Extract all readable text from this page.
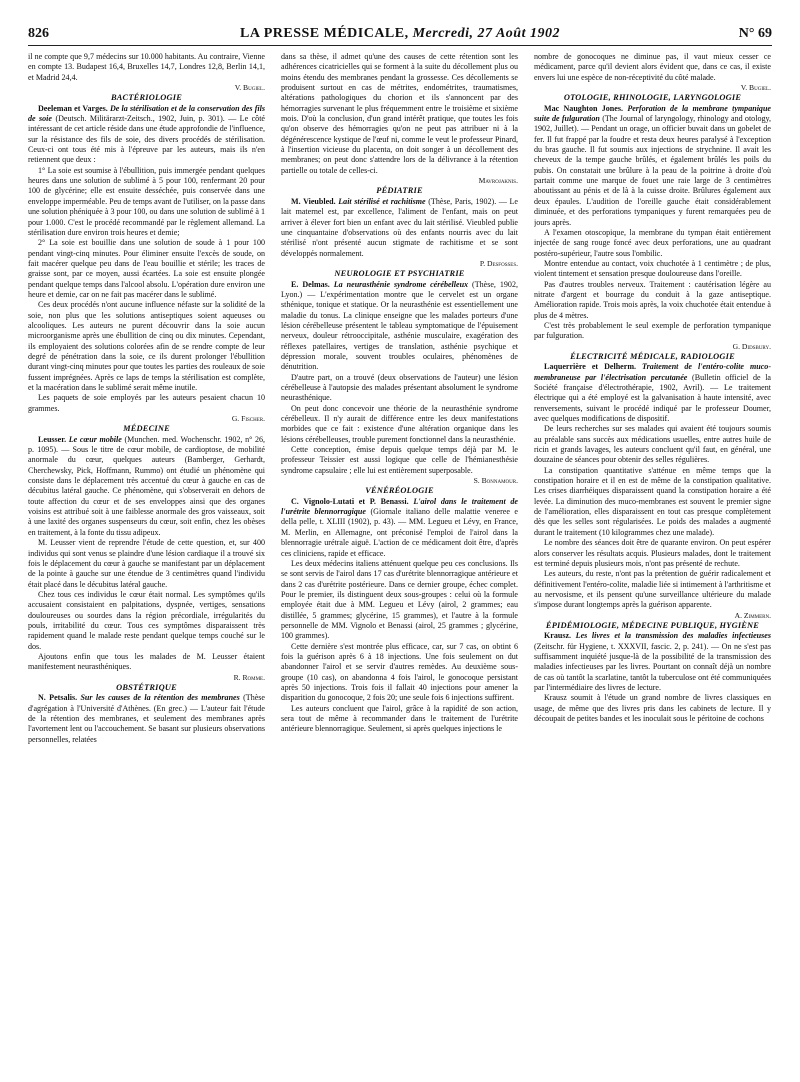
826	LA PRESSE MÉDICALE, Mercredi, 27 Août 1902	N° 69

il ne compte que 9,7 médecins sur 10.000 habitants. Au contraire, Vienne en compte 13. Budapest 16,4, Bruxelles 14,7, Londres 12,8, Berlin 14,1, et Madrid 24,4.

V. Bugiel.

BACTÉRIOLOGIE

Deeleman et Varges. De la stérilisation et de la conservation des fils de soie (Deutsch. Militärarzt-Zeitsch., 1902, Juin, p. 301). — Le côté intéressant de cet article réside dans une étude approfondie de l'influence, sur la résistance des fils de soie, des divers procédés de stérilisation. Ceux-ci ont tous été mis à l'épreuve par les auteurs, mais ils n'en retiennent que deux :

1° La soie est soumise à l'ébullition, puis immergée pendant quelques heures dans une solution de sublimé à 5 pour 100, renfermant 20 pour 100 de glycérine; elle est ensuite desséchée, puis conservée dans une enveloppe imperméable. Peu de temps avant de l'utiliser, on la passe dans une solution phéniquée à 3 pour 100, ou dans une solution de sublimé à 1 pour 1.000. C'est le procédé recommandé par le règlement allemand. La stérilisation dure environ trois heures et demie;

2° La soie est bouillie dans une solution de soude à 1 pour 100 pendant vingt-cinq minutes. Pour éliminer ensuite l'excès de soude, on fait macérer quelque peu dans de l'eau bouillie et stérile; les traces de graisse sont, par ce moyen, aussi écartées. La soie est ensuite plongée pendant quelque temps dans l'alcool absolu. L'opération dure environ une heure et demie, car on ne fait pas macérer dans le sublimé.

Ces deux procédés n'ont aucune influence néfaste sur la solidité de la soie, non plus que les solutions antiseptiques soient aqueuses ou alcooliques. Les auteurs ne purent découvrir dans la soie aucun microorganisme après une ébullition de cinq ou dix minutes. Cependant, ils employaient des solutions colorées afin de se rendre compte de leur degré de pénétration dans la soie, ce ils durent prolonger l'ébullition durant vingt-cinq minutes pour que toutes les parties des rouleaux de soie fussent imprégnées. Après ce laps de temps la stérilisation est complète, et la macération dans le sublimé serait même inutile.

Les paquets de soie employés par les auteurs pesaient chacun 10 grammes.

G. Fischer.

MÉDECINE

Leusser. Le cœur mobile (Munchen. med. Wochenschr. 1902, n° 26, p. 1095). — Sous le titre de cœur mobile, de cardioptose, de mobilité anormale du cœur, quelques auteurs (Bamberger, Gerhardt, Cherchewsky, Pick, Hoffmann, Rummo) ont étudié un phénomène qui consiste dans le déplacement très accentué du cœur à gauche en cas de décubitus latéral gauche. Ce phénomène, qui s'observerait en dehors de toute affection du cœur et de ses enveloppes ainsi que des organes voisins est attribué soit à une faiblesse anormale des gros vaisseaux, soit à une laxité des organes suspenseurs du cœur, soit enfin, chez les obèses en traitement, à la fonte du tissu adipeux.

M. Leusser vient de reprendre l'étude de cette question, et, sur 400 individus qui sont venus se plaindre d'une lésion cardiaque il a trouvé six fois le déplacement du cœur à gauche se manifestant par un déplacement de la pointe à gauche sur une étendue de 3 centimètres quand l'individu était placé dans le décubitus latéral gauche.

Chez tous ces individus le cœur était normal. Les symptômes qu'ils accusaient consistaient en palpitations, dyspnée, vertiges, sensations douloureuses ou sourdes dans la région précordiale, irrégularités du pouls, irritabilité du cœur. Tous ces symptômes disparaissent très rapidement quand le malade reste pendant quelque temps couché sur le dos.

Ajoutons enfin que tous les malades de M. Leusser étaient manifestement neurasthéniques.

R. Romme.

OBSTÉTRIQUE

N. Petsalis. Sur les causes de la rétention des membranes (Thèse d'agrégation à l'Université d'Athènes. (En grec.) — L'auteur fait l'étude de la rétention des membranes, et seulement des membranes après l'avortement lent ou l'accouchement. Se basant sur plusieurs observations personnelles, relatées

dans sa thèse, il admet qu'une des causes de cette rétention sont les adhérences cicatricielles qui se forment à la suite du décollement plus ou moins étendu des membranes pendant la grossesse. Ces décollements se produisent surtout en cas de métrites, endométrites, traumatismes, altérations pathologiques du chorion et ils s'annoncent par des hémorragies survenant le plus fréquemment entre le troisième et sixième mois. D'où la conclusion, d'un grand intérêt pratique, que toutes les fois qu'on observe des hémorragies qu'on ne peut pas attribuer ni à la dégénérescence kystique de l'œuf ni, comme le veut le professeur Pinard, à l'insertion vicieuse du placenta, on doit songer à un décollement des membranes; on peut donc s'attendre lors de la délivrance à la rétention partielle ou totale de celles-ci.

Mavrojaknis.

PÉDIATRIE

M. Vieubled. Lait stérilisé et rachitisme (Thèse, Paris, 1902). — Le lait maternel est, par excellence, l'aliment de l'enfant, mais on peut arriver à élever fort bien un enfant avec du lait stérilisé. Vieubled publie une cinquantaine d'observations où des enfants nourris avec du lait stérilisé n'ont présenté aucun stigmate de rachitisme et se sont développés normalement.

P. Desfosses.

NEUROLOGIE ET PSYCHIATRIE

E. Delmas. La neurasthénie syndrome cérébelleux (Thèse, 1902, Lyon.) — L'expérimentation montre que le cervelet est un organe sthénique, tonique et statique. Or la neurasthénie est essentiellement une maladie du tonus. La clinique enseigne que les malades porteurs d'une lésion cérébelleuse présentent le tableau symptomatique de l'épuisement nerveux, douleur rétrooccipitale, asthénie musculaire, exagération des réflexes patellaires, vertiges de translation, asthénie psychique et dépression morale, souvent troubles oculaires, phénomènes de dénutrition.

D'autre part, on a trouvé (deux observations de l'auteur) une lésion cérébelleuse à l'autopsie des malades présentant absolument le syndrome neurasthénique.

On peut donc concevoir une théorie de la neurasthénie syndrome cérébelleux. Il n'y aurait de différence entre les deux manifestations morbides que ce fait : existence d'une altération organique dans les lésions cérébelleuses, trouble purement fonctionnel dans la neurasthénie.

Cette conception, émise depuis quelque temps déjà par M. le professeur Teissier est aussi logique que celle de l'hémianesthésie syndrome capsulaire ; elle lui est entièrement superposable.

S. Bonnamour.

VÉNÉRÉOLOGIE

C. Vignolo-Lutati et P. Benassi. L'airol dans le traitement de l'urétrite blennorragique (Giornale italiano delle malattie veneree e della pelle, t. XLIII (1902), p. 43). — MM. Legueu et Lévy, en France, M. Merlin, en Allemagne, ont préconisé l'emploi de l'airol dans la blennorragie urétrale aiguë. L'action de ce médicament doit être, d'après ces cliniciens, rapide et efficace.

Les deux médecins italiens atténuent quelque peu ces conclusions. Ils se sont servis de l'airol dans 17 cas d'urétrite blennorragique antérieure et dans 2 cas d'urétrite postérieure. Dans ce dernier groupe, échec complet. Pour le premier, ils distinguent deux sous-groupes : celui où la formule employée était due à MM. Legueu et Lévy (airol, 2 grammes; eau distillée, 5 grammes; glycérine, 15 grammes), et l'autre à la formule personnelle de MM. Vignolo et Benassi (airol, 25 grammes ; glycérine, 100 grammes).

Cette dernière s'est montrée plus efficace, car, sur 7 cas, on obtint 6 fois la guérison après 6 à 18 injections. Une fois seulement on dut abandonner l'airol et se servir d'autres remèdes. Au deuxième sous-groupe (10 cas), on abandonna 4 fois l'airol, le gonocoque persistant après 50 injections. Trois fois il fallait 40 injections pour amener la disparition du gonocoque, 2 fois 20; une seule fois 6 injections suffirent.

Les auteurs concluent que l'airol, grâce à la rapidité de son action, sera tout de même à recommander dans le traitement de l'urétrite antérieure blennorragique. Seulement, si après quelques injections le

nombre de gonocoques ne diminue pas, il vaut mieux cesser ce médicament, parce qu'il devient alors évident que, dans ce cas, il existe envers lui une espèce de non-réceptivité du côté malade.

V. Bugiel.

OTOLOGIE, RHINOLOGIE, LARYNGOLOGIE

Mac Naughton Jones. Perforation de la membrane tympanique suite de fulguration (The Journal of laryngology, rhinology and otology, 1902, Juillet). — Pendant un orage, un officier buvait dans un gobelet de fer. Il fut frappé par la foudre et resta deux heures paralysé à l'exception du bras gauche. Il fut soumis aux injections de strychnine. Il avait les cheveux de la tempe gauche brûlés, et également brûlés les poils du pubis. On constatait une brûlure à la peau de la poitrine à droite d'où partait comme une marque de fouet une raie large de 3 centimètres aboutissant au pénis et de là à la cuisse droite. Brûlures également aux deux épaules. L'audition de l'oreille gauche était considérablement diminuée, et des perforations tympaniques y furent remarquées peu de jours après.

A l'examen otoscopique, la membrane du tympan était entièrement injectée de sang rouge foncé avec deux perforations, une au quadrant postéro-supérieur, l'autre sous l'ombilic.

Montre entendue au contact, voix chuchotée à 1 centimètre ; de plus, violent tintement et sensation presque douloureuse dans l'oreille.

Pas d'autres troubles nerveux. Traitement : cautérisation légère au nitrate d'argent et bourrage du conduit à la gaze antiseptique. Amélioration rapide. Trois mois après, la voix chuchotée était entendue à plus de 4 mètres.

C'est très probablement le seul exemple de perforation tympanique par fulguration.

G. Didsbury.

ÉLECTRICITÉ MÉDICALE, RADIOLOGIE

Laquerrière et Delherm. Traitement de l'entéro-colite muco-membraneuse par l'électrisation percutanée (Bulletin officiel de la Société française d'électrothérapie, 1902, Avril). — Le traitement électrique qui a été employé est la galvanisation à haute intensité, avec renversements, suivant le procédé indiqué par le professeur Doumer, avec quelques modifications de dispositif.

De leurs recherches sur ses malades qui avaient été toujours soumis au préalable sans succès aux médications usuelles, entre autres huile de ricin et grands lavages, les auteurs concluent qu'il faut, en général, une douzaine de séances pour obtenir des selles régulières.

La constipation quantitative s'atténue en même temps que la constipation horaire et il en est de même de la constipation qualitative. Les crises diarrhéiques disparaissent quand la constipation horaire a été levée. La diminution des muco-membranes est souvent le premier signe de l'amélioration, elles disparaissent en tout cas presque complètement dès que les selles sont régularisées. Le poids des malades a augmenté durant le traitement (10 kilogrammes chez une malade).

Le nombre des séances doit être de quarante environ. On peut espérer alors conserver les résultats acquis. Plusieurs malades, dont le traitement est terminé depuis plusieurs mois, n'ont pas présenté de rechute.

Les auteurs, du reste, n'ont pas la prétention de guérir radicalement et définitivement l'entéro-colite, maladie liée si intimement à l'arthritisme et au nervosisme, et ils pensent qu'une surveillance ultérieure du malade s'impose durant longtemps après la guérison apparente.

A. Zimmern.

ÉPIDÉMIOLOGIE, MÉDECINE PUBLIQUE, HYGIÈNE

Krausz. Les livres et la transmission des maladies infectieuses (Zeitschr. für Hygiene, t. XXXVII, fascic. 2, p. 241). — On ne s'est pas suffisamment inquiété jusque-là de la possibilité de la transmission des maladies infectieuses par les livres. Pourtant on connaît déjà un nombre de cas où tantôt la scarlatine, tantôt la tuberculose ont été communiquées par l'intermédiaire des livres de lecture.

Krausz soumit à l'étude un grand nombre de livres classiques en usage, de même que des livres pris dans les cabinets de lecture. Il y découpait de petites bandes et les inoculait sous le péritoine de cochons
